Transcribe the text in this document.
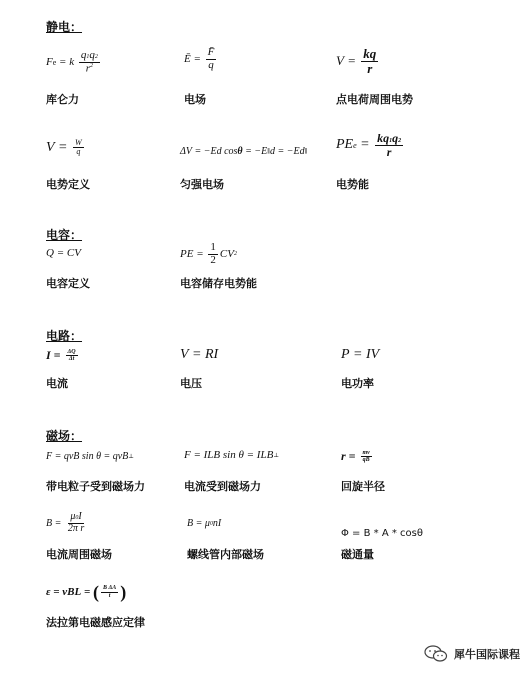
静电：
F e = k $\frac{q1q2}{r^2}$
库仑力
Ē = $\frac{F̄}{q}$
电场
$V = \frac{kq}{r}$
点电荷周围电势
$V = \frac{W}{q}$
电势定义
ΔV = −Ed cos θ = −E ∥ d = −Ed ∥
匀强电场
PE $e = \frac{kq1q2}{r}$
电势能
电容：
Q = CV
电容定义
PE = $\frac{1}{2}$ CV 2
电容储存电势能
电路：
$I = \frac{\Delta Q}{\Delta t}$
电流
V = RI
电压
P = IV
电功率
磁场：
F = qvB sin θ = qvB ⊥
带电粒子受到磁场力
F = ILB sin θ = ILB ⊥
电流受到磁场力
$r = \frac{mv}{qB}$
回旋半径
$B = \frac{\mu 0I}{\text{2π r}}$
电流周围磁场
B = μ 0 nI
螺线管内部磁场
Φ = B * A * cosθ
磁通量
ε = vBL = ( $\frac{\text{B ΔA}}{t}$ )
法拉第电磁感应定律
犀牛国际课程
